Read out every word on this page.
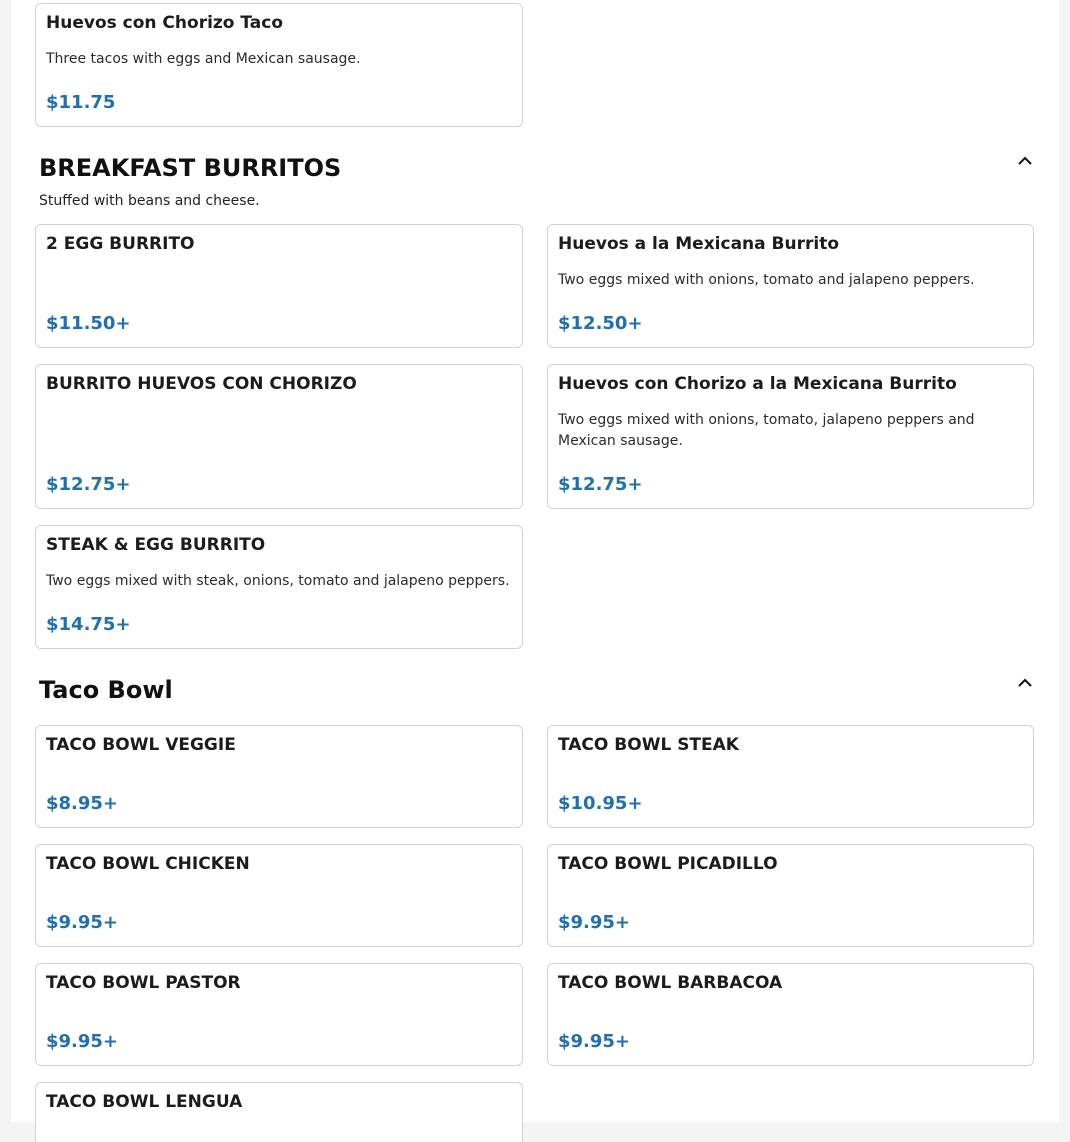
Huevos con Chorizo Taco
Three tacos with eggs and Mexican sausage.
$11.75
BREAKFAST BURRITOS
Stuffed with beans and cheese.
2 EGG BURRITO
$11.50+
Huevos a la Mexicana Burrito
Two eggs mixed with onions, tomato and jalapeno peppers.
$12.50+
BURRITO HUEVOS CON CHORIZO
$12.75+
Huevos con Chorizo a la Mexicana Burrito
Two eggs mixed with onions, tomato, jalapeno peppers and Mexican sausage.
$12.75+
STEAK & EGG BURRITO
Two eggs mixed with steak, onions, tomato and jalapeno peppers.
$14.75+
Taco Bowl
TACO BOWL VEGGIE
$8.95+
TACO BOWL STEAK
$10.95+
TACO BOWL CHICKEN
$9.95+
TACO BOWL PICADILLO
$9.95+
TACO BOWL PASTOR
$9.95+
TACO BOWL BARBACOA
$9.95+
TACO BOWL LENGUA
